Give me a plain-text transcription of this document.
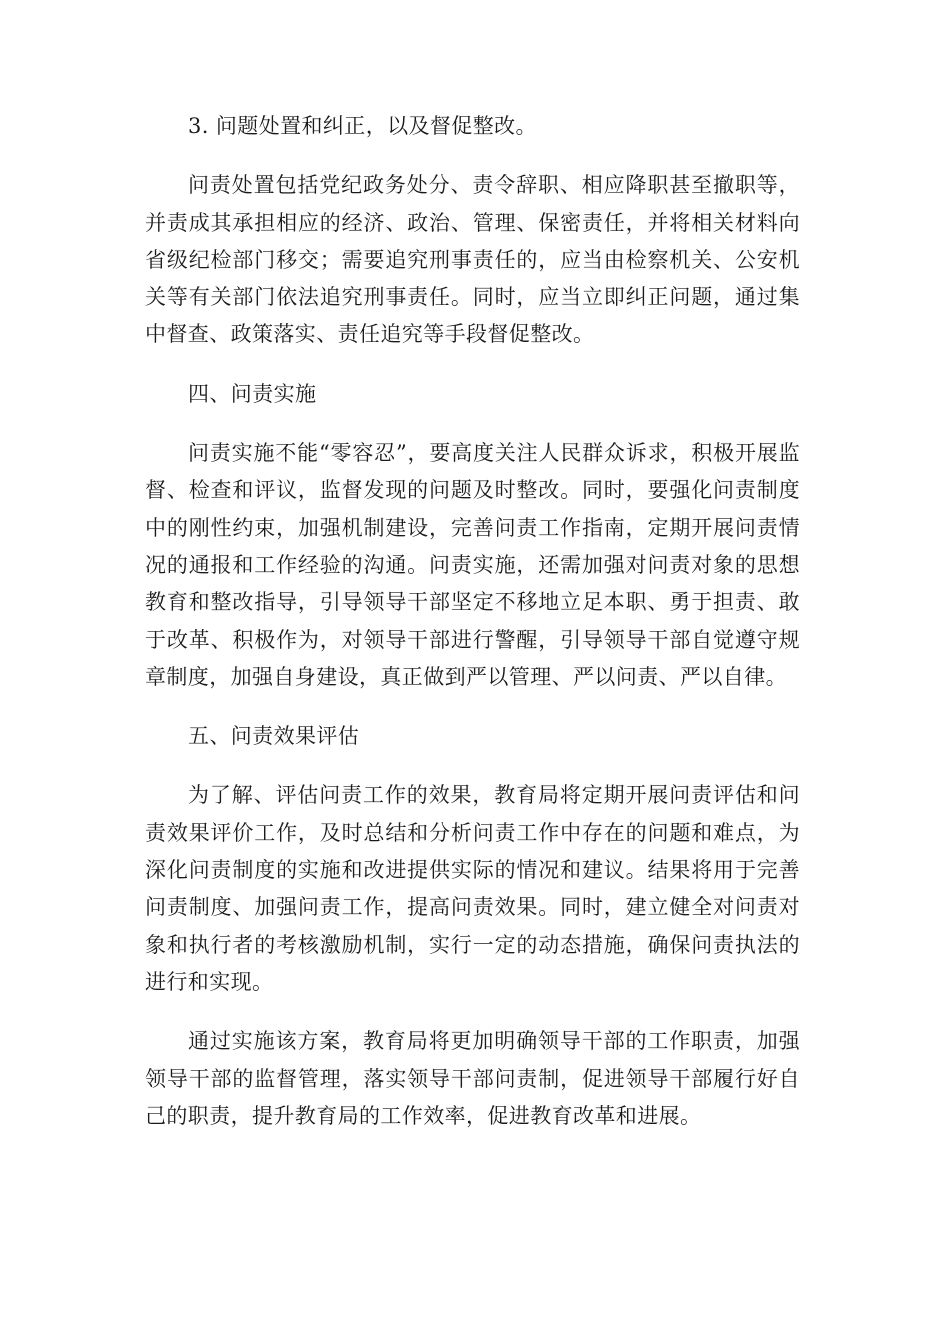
3. 问题处置和纠正，以及督促整改。

问责处置包括党纪政务处分、责令辞职、相应降职甚至撤职等，并责成其承担相应的经济、政治、管理、保密责任，并将相关材料向省级纪检部门移交；需要追究刑事责任的，应当由检察机关、公安机关等有关部门依法追究刑事责任。同时，应当立即纠正问题，通过集中督查、政策落实、责任追究等手段督促整改。

四、问责实施

问责实施不能“零容忍”，要高度关注人民群众诉求，积极开展监督、检查和评议，监督发现的问题及时整改。同时，要强化问责制度中的刚性约束，加强机制建设，完善问责工作指南，定期开展问责情况的通报和工作经验的沟通。问责实施，还需加强对问责对象的思想教育和整改指导，引导领导干部坚定不移地立足本职、勇于担责、敢于改革、积极作为，对领导干部进行警醒，引导领导干部自觉遵守规章制度，加强自身建设，真正做到严以管理、严以问责、严以自律。

五、问责效果评估

为了解、评估问责工作的效果，教育局将定期开展问责评估和问责效果评价工作，及时总结和分析问责工作中存在的问题和难点，为深化问责制度的实施和改进提供实际的情况和建议。结果将用于完善问责制度、加强问责工作，提高问责效果。同时，建立健全对问责对象和执行者的考核激励机制，实行一定的动态措施，确保问责执法的进行和实现。

通过实施该方案，教育局将更加明确领导干部的工作职责，加强领导干部的监督管理，落实领导干部问责制，促进领导干部履行好自己的职责，提升教育局的工作效率，促进教育改革和进展。
